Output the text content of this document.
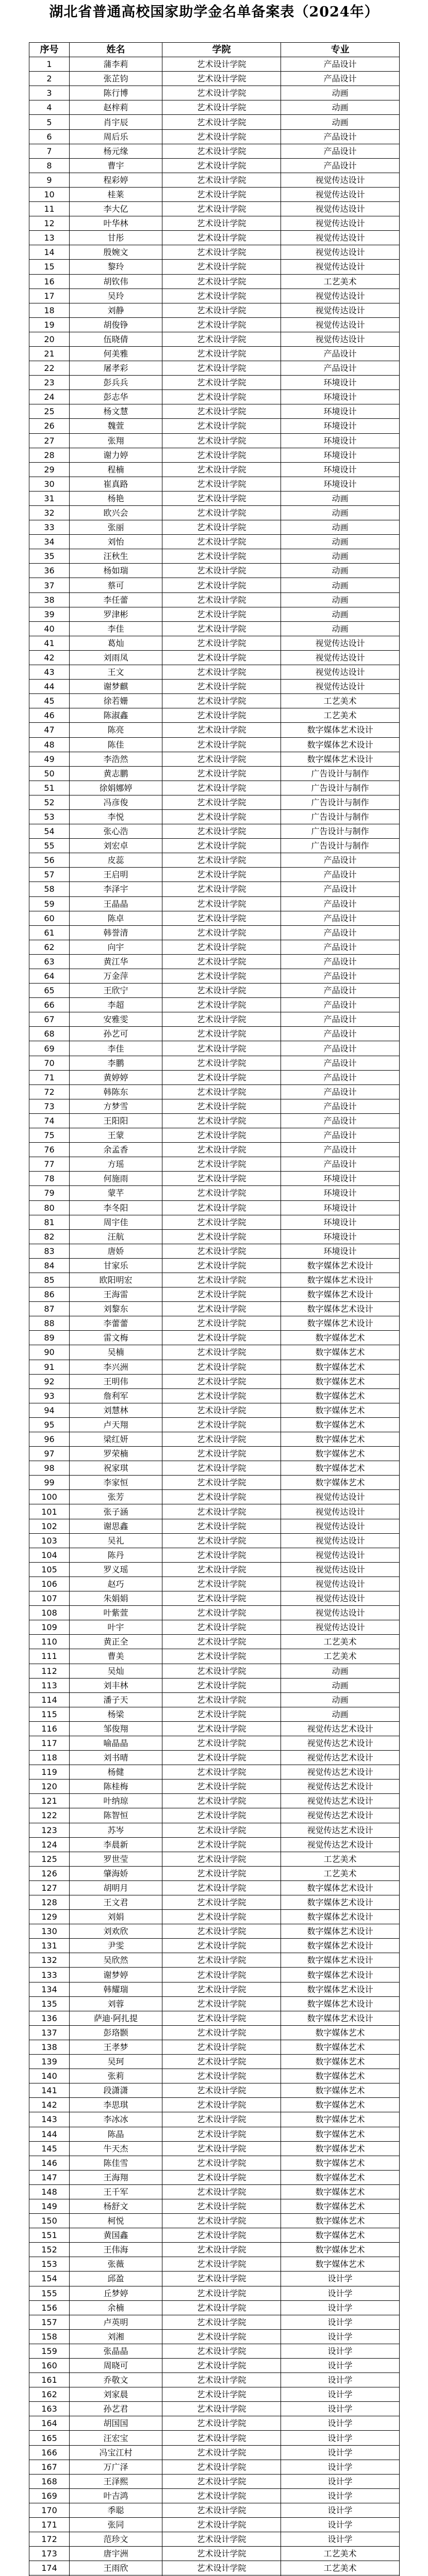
湖北省普通高校国家助学金名单备案表（2024年）
序号	姓名	学院	专业
1	蒲李莉	艺术设计学院	产品设计
2	张芷钧	艺术设计学院	产品设计
3	陈行博	艺术设计学院	动画
4	赵梓莉	艺术设计学院	动画
5	肖宇辰	艺术设计学院	动画
6	周后乐	艺术设计学院	产品设计
7	杨元缘	艺术设计学院	产品设计
8	曹宇	艺术设计学院	产品设计
9	程彩婷	艺术设计学院	视觉传达设计
10	桂莱	艺术设计学院	视觉传达设计
11	李大亿	艺术设计学院	视觉传达设计
12	叶华林	艺术设计学院	视觉传达设计
13	甘彤	艺术设计学院	视觉传达设计
14	殷婉文	艺术设计学院	视觉传达设计
15	黎玲	艺术设计学院	视觉传达设计
16	胡钦伟	艺术设计学院	工艺美术
17	吴玲	艺术设计学院	视觉传达设计
18	刘静	艺术设计学院	视觉传达设计
19	胡俊铮	艺术设计学院	视觉传达设计
20	伍晓倩	艺术设计学院	视觉传达设计
21	何美雅	艺术设计学院	产品设计
22	屠孝彩	艺术设计学院	产品设计
23	彭兵兵	艺术设计学院	环境设计
24	彭志华	艺术设计学院	环境设计
25	杨文慧	艺术设计学院	环境设计
26	魏萱	艺术设计学院	环境设计
27	张翔	艺术设计学院	环境设计
28	谢力婷	艺术设计学院	环境设计
29	程楠	艺术设计学院	环境设计
30	崔真路	艺术设计学院	环境设计
31	杨艳	艺术设计学院	动画
32	欧兴会	艺术设计学院	动画
33	张丽	艺术设计学院	动画
34	刘怡	艺术设计学院	动画
35	汪秋生	艺术设计学院	动画
36	杨如瑞	艺术设计学院	动画
37	蔡可	艺术设计学院	动画
38	李任蕾	艺术设计学院	动画
39	罗津彬	艺术设计学院	动画
40	李佳	艺术设计学院	动画
41	葛灿	艺术设计学院	视觉传达设计
42	刘雨凤	艺术设计学院	视觉传达设计
43	王文	艺术设计学院	视觉传达设计
44	谢梦麒	艺术设计学院	视觉传达设计
45	徐若姗	艺术设计学院	工艺美术
46	陈淑鑫	艺术设计学院	工艺美术
47	陈亮	艺术设计学院	数字媒体艺术设计
48	陈佳	艺术设计学院	数字媒体艺术设计
49	李浩然	艺术设计学院	数字媒体艺术设计
50	黄志鹏	艺术设计学院	广告设计与制作
51	徐娟娜婷	艺术设计学院	广告设计与制作
52	冯彦俊	艺术设计学院	广告设计与制作
53	李悦	艺术设计学院	广告设计与制作
54	张心浩	艺术设计学院	广告设计与制作
55	刘宏卓	艺术设计学院	广告设计与制作
56	皮蕊	艺术设计学院	产品设计
57	王启明	艺术设计学院	产品设计
58	李泽宇	艺术设计学院	产品设计
59	王晶晶	艺术设计学院	产品设计
60	陈卓	艺术设计学院	产品设计
61	韩誉清	艺术设计学院	产品设计
62	向宇	艺术设计学院	产品设计
63	黄江华	艺术设计学院	产品设计
64	万金萍	艺术设计学院	产品设计
65	王欣宁	艺术设计学院	产品设计
66	李超	艺术设计学院	产品设计
67	安雅雯	艺术设计学院	产品设计
68	孙艺可	艺术设计学院	产品设计
69	李佳	艺术设计学院	产品设计
70	李鹏	艺术设计学院	产品设计
71	黄婷婷	艺术设计学院	产品设计
72	韩陈东	艺术设计学院	产品设计
73	方梦雪	艺术设计学院	产品设计
74	王阳阳	艺术设计学院	产品设计
75	王蒙	艺术设计学院	产品设计
76	余孟香	艺术设计学院	产品设计
77	方瑶	艺术设计学院	产品设计
78	何施雨	艺术设计学院	环境设计
79	蒙芊	艺术设计学院	环境设计
80	李冬阳	艺术设计学院	环境设计
81	周宇佳	艺术设计学院	环境设计
82	汪航	艺术设计学院	环境设计
83	唐娇	艺术设计学院	环境设计
84	甘家乐	艺术设计学院	数字媒体艺术设计
85	欧阳明宏	艺术设计学院	数字媒体艺术设计
86	王海雷	艺术设计学院	数字媒体艺术设计
87	刘黎东	艺术设计学院	数字媒体艺术设计
88	李蕾蕾	艺术设计学院	数字媒体艺术设计
89	雷文梅	艺术设计学院	数字媒体艺术
90	吴楠	艺术设计学院	数字媒体艺术
91	李兴洲	艺术设计学院	数字媒体艺术
92	王明伟	艺术设计学院	数字媒体艺术
93	詹利军	艺术设计学院	数字媒体艺术
94	刘慧林	艺术设计学院	数字媒体艺术
95	卢天翔	艺术设计学院	数字媒体艺术
96	梁红妍	艺术设计学院	数字媒体艺术
97	罗荣楠	艺术设计学院	数字媒体艺术
98	祝家琪	艺术设计学院	数字媒体艺术
99	李家恒	艺术设计学院	数字媒体艺术
100	张芳	艺术设计学院	视觉传达设计
101	张子涵	艺术设计学院	视觉传达设计
102	谢思鑫	艺术设计学院	视觉传达设计
103	吴礼	艺术设计学院	视觉传达设计
104	陈丹	艺术设计学院	视觉传达设计
105	罗义瑶	艺术设计学院	视觉传达设计
106	赵巧	艺术设计学院	视觉传达设计
107	朱娟娟	艺术设计学院	视觉传达设计
108	叶紫萱	艺术设计学院	视觉传达设计
109	叶宇	艺术设计学院	视觉传达设计
110	黄正全	艺术设计学院	工艺美术
111	曹美	艺术设计学院	工艺美术
112	吴灿	艺术设计学院	动画
113	刘丰林	艺术设计学院	动画
114	潘子天	艺术设计学院	动画
115	杨梁	艺术设计学院	动画
116	邹俊翔	艺术设计学院	视觉传达艺术设计
117	喻晶晶	艺术设计学院	视觉传达艺术设计
118	刘书晴	艺术设计学院	视觉传达艺术设计
119	杨健	艺术设计学院	视觉传达艺术设计
120	陈桂梅	艺术设计学院	视觉传达艺术设计
121	叶纳琼	艺术设计学院	视觉传达艺术设计
122	陈智恒	艺术设计学院	视觉传达艺术设计
123	苏岑	艺术设计学院	视觉传达艺术设计
124	李晨新	艺术设计学院	视觉传达艺术设计
125	罗世莹	艺术设计学院	工艺美术
126	肇海娇	艺术设计学院	工艺美术
127	胡明月	艺术设计学院	数字媒体艺术设计
128	王文君	艺术设计学院	数字媒体艺术设计
129	刘娟	艺术设计学院	数字媒体艺术设计
130	刘欢欣	艺术设计学院	数字媒体艺术设计
131	尹雯	艺术设计学院	数字媒体艺术设计
132	吴欣然	艺术设计学院	数字媒体艺术设计
133	谢梦婷	艺术设计学院	数字媒体艺术设计
134	韩耀瑞	艺术设计学院	数字媒体艺术设计
135	刘蓉	艺术设计学院	数字媒体艺术设计
136	萨迪·阿扎提	艺术设计学院	数字媒体艺术设计
137	彭珞颢	艺术设计学院	数字媒体艺术
138	王孝梦	艺术设计学院	数字媒体艺术
139	吴珂	艺术设计学院	数字媒体艺术
140	张莉	艺术设计学院	数字媒体艺术
141	段潇潇	艺术设计学院	数字媒体艺术
142	李思琪	艺术设计学院	数字媒体艺术
143	李冰冰	艺术设计学院	数字媒体艺术
144	陈晶	艺术设计学院	数字媒体艺术
145	牛天杰	艺术设计学院	数字媒体艺术
146	陈佳雪	艺术设计学院	数字媒体艺术
147	王海翔	艺术设计学院	数字媒体艺术
148	王千军	艺术设计学院	数字媒体艺术
149	杨舒文	艺术设计学院	数字媒体艺术
150	柯悦	艺术设计学院	数字媒体艺术
151	黄国鑫	艺术设计学院	数字媒体艺术
152	王伟海	艺术设计学院	数字媒体艺术
153	张薇	艺术设计学院	数字媒体艺术
154	邱盈	艺术设计学院	设计学
155	丘梦婷	艺术设计学院	设计学
156	余楠	艺术设计学院	设计学
157	卢英明	艺术设计学院	设计学
158	刘湘	艺术设计学院	设计学
159	张晶晶	艺术设计学院	设计学
160	周晓可	艺术设计学院	设计学
161	乔敬文	艺术设计学院	设计学
162	刘家晨	艺术设计学院	设计学
163	孙艺君	艺术设计学院	设计学
164	胡国国	艺术设计学院	设计学
165	汪宏宝	艺术设计学院	设计学
166	冯宝江村	艺术设计学院	设计学
167	万广泽	艺术设计学院	设计学
168	王泽熙	艺术设计学院	设计学
169	叶吉鸿	艺术设计学院	设计学
170	季聪	艺术设计学院	设计学
171	张同	艺术设计学院	设计学
172	范珍文	艺术设计学院	设计学
173	唐宇洲	艺术设计学院	工艺美术
174	王雨欣	艺术设计学院	工艺美术
